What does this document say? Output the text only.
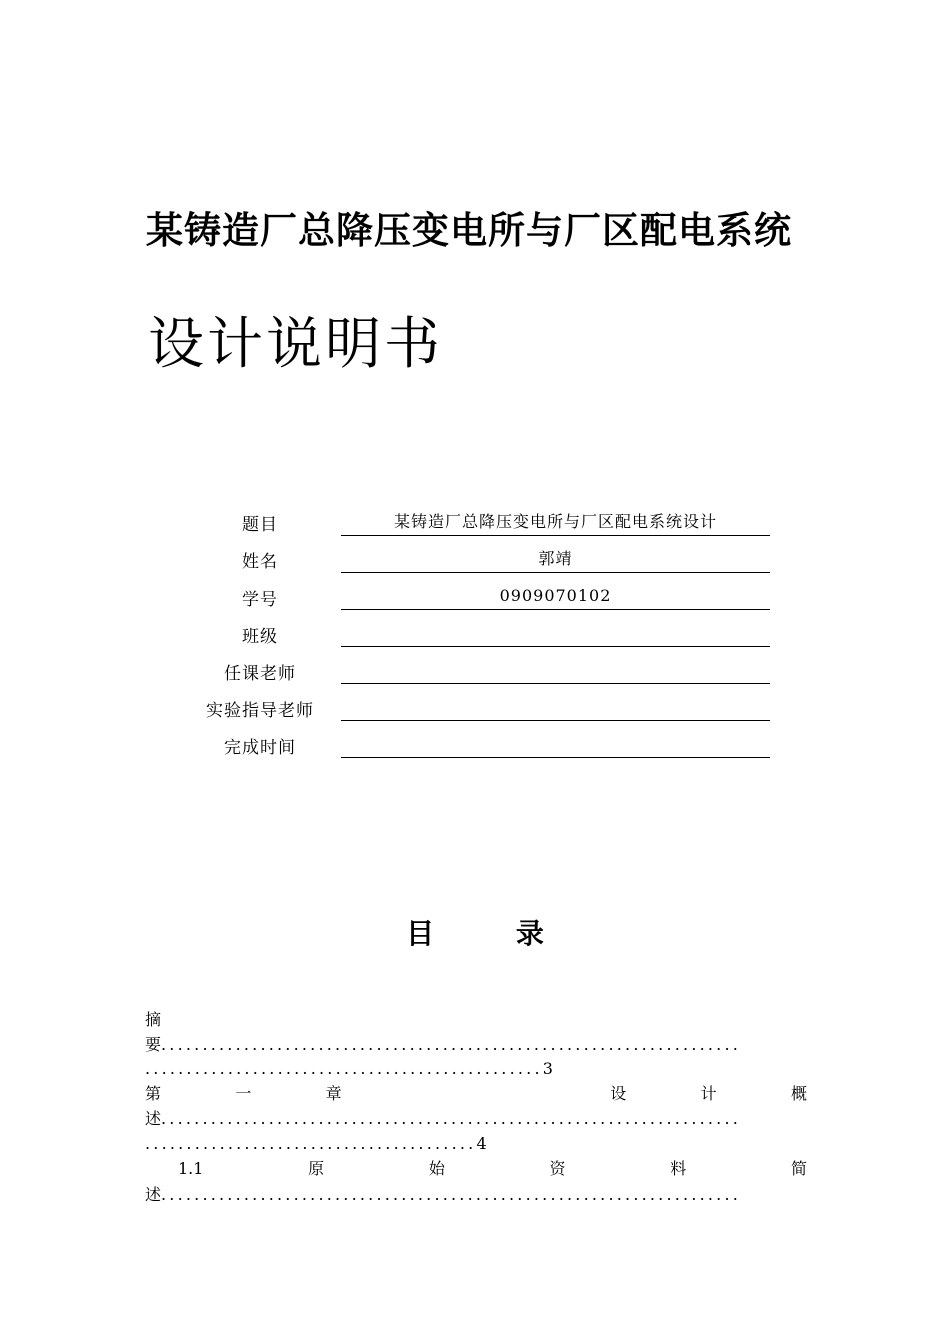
某铸造厂总降压变电所与厂区配电系统
设计说明书
题目	某铸造厂总降压变电所与厂区配电系统设计
姓名	郭靖
学号	0909070102
班级
任课老师
实验指导老师
完成时间
目 录
摘
要......................................................................
................................................3
第	一	章	设	计	概
述......................................................................
........................................4
1.1	原	始	资	料	简
述......................................................................
